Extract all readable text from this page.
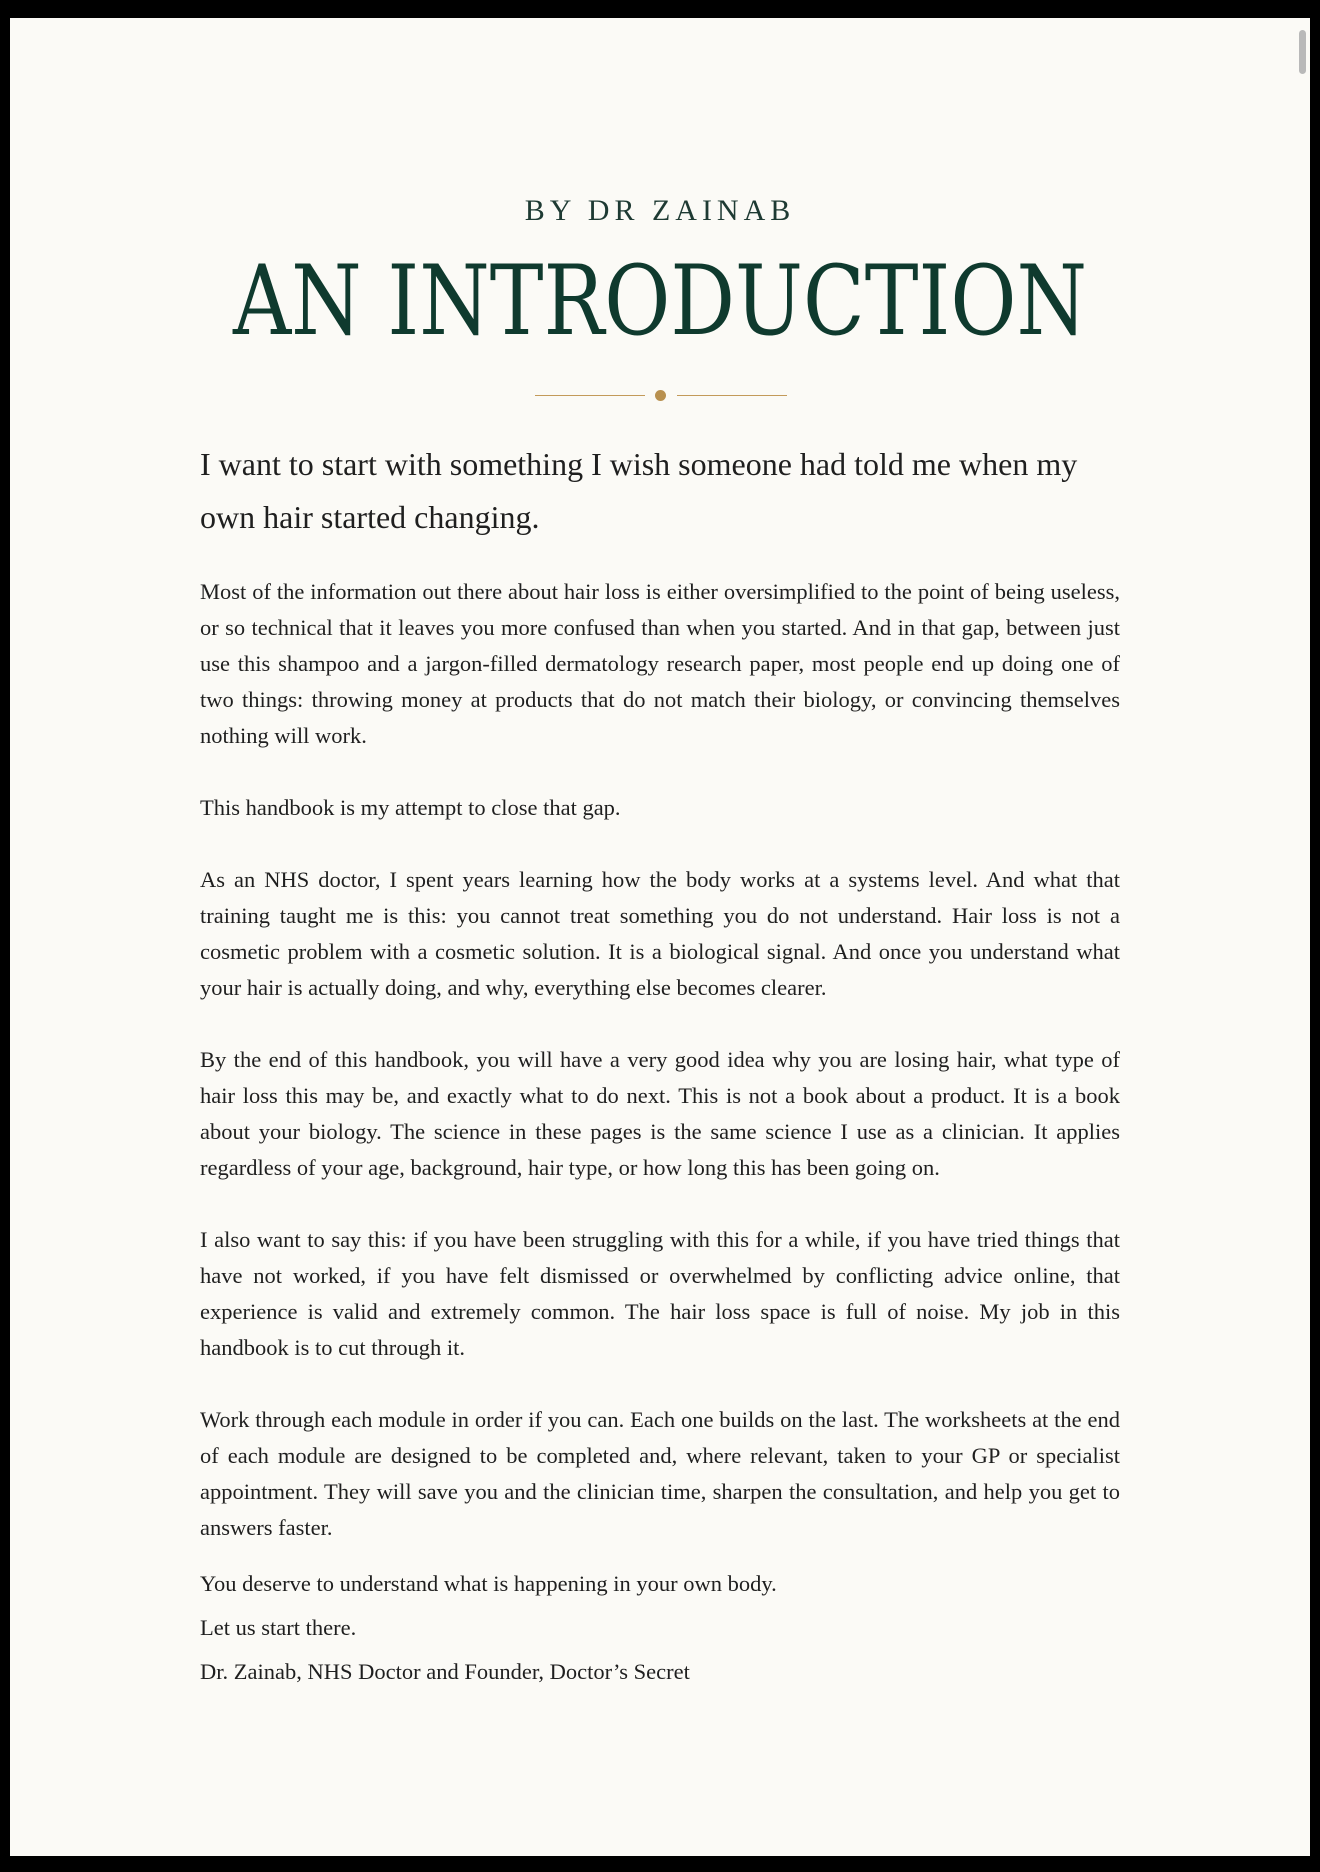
BY DR ZAINAB
AN INTRODUCTION

I want to start with something I wish someone had told me when my own hair started changing.

Most of the information out there about hair loss is either oversimplified to the point of being useless, or so technical that it leaves you more confused than when you started. And in that gap, between just use this shampoo and a jargon-filled dermatology research paper, most people end up doing one of two things: throwing money at products that do not match their biology, or convincing themselves nothing will work.

This handbook is my attempt to close that gap.

As an NHS doctor, I spent years learning how the body works at a systems level. And what that training taught me is this: you cannot treat something you do not understand. Hair loss is not a cosmetic problem with a cosmetic solution. It is a biological signal. And once you understand what your hair is actually doing, and why, everything else becomes clearer.

By the end of this handbook, you will have a very good idea why you are losing hair, what type of hair loss this may be, and exactly what to do next. This is not a book about a product. It is a book about your biology. The science in these pages is the same science I use as a clinician. It applies regardless of your age, background, hair type, or how long this has been going on.

I also want to say this: if you have been struggling with this for a while, if you have tried things that have not worked, if you have felt dismissed or overwhelmed by conflicting advice online, that experience is valid and extremely common. The hair loss space is full of noise. My job in this handbook is to cut through it.

Work through each module in order if you can. Each one builds on the last. The worksheets at the end of each module are designed to be completed and, where relevant, taken to your GP or specialist appointment. They will save you and the clinician time, sharpen the consultation, and help you get to answers faster.

You deserve to understand what is happening in your own body.

Let us start there.

Dr. Zainab, NHS Doctor and Founder, Doctor’s Secret
